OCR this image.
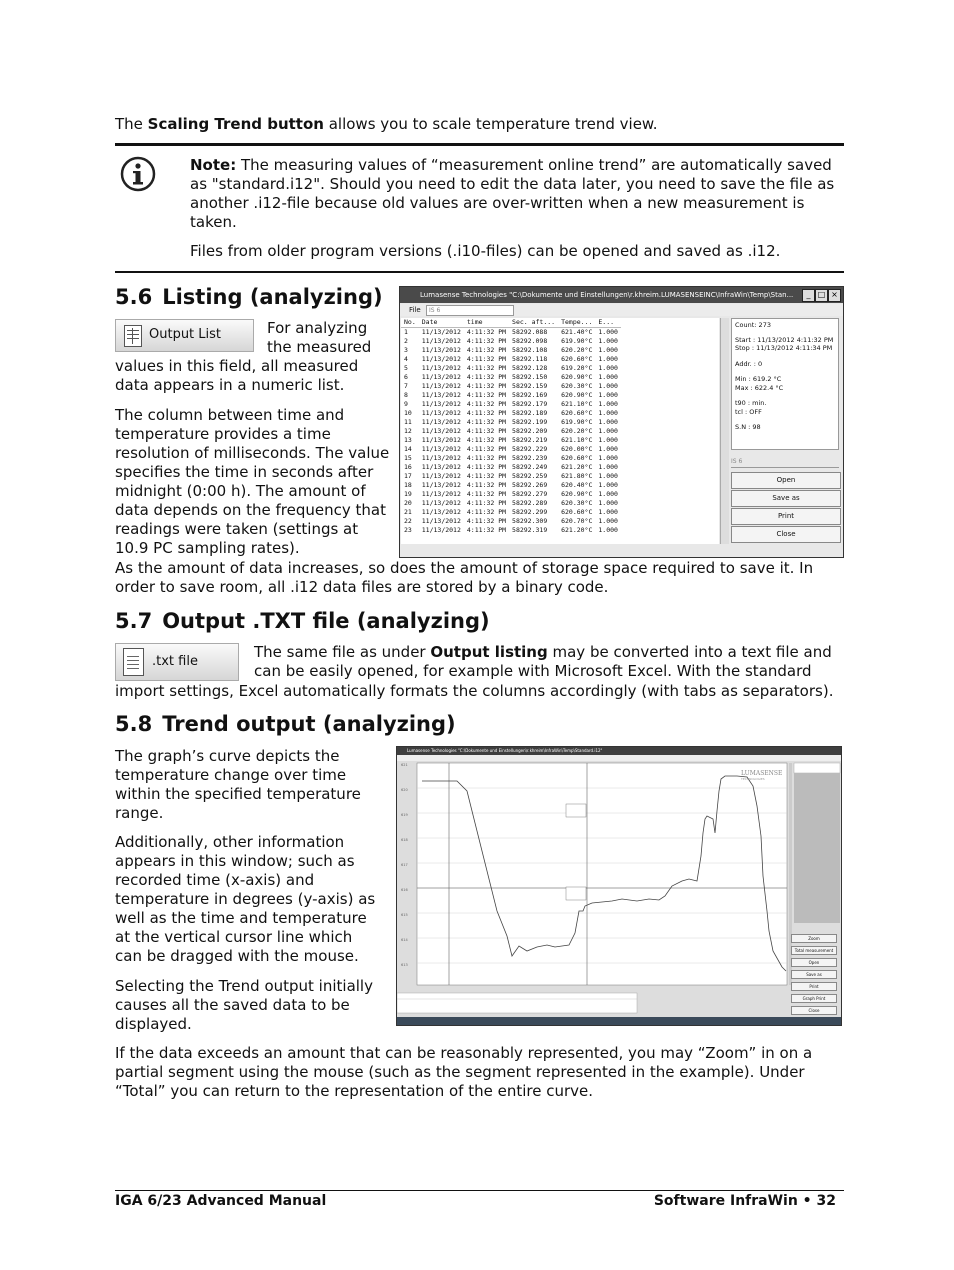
The Scaling Trend button allows you to scale temperature trend view.

Note: The measuring values of “measurement online trend” are automatically saved as "standard.i12". Should you need to edit the data later, you need to save the file as another .i12-file because old values are over-written when a new measurement is taken.

Files from older program versions (.i10-files) can be opened and saved as .i12.

5.6 Listing (analyzing)
Output List	For analyzing the measured

values in this field, all measured data appears in a numeric list.

The column between time and temperature provides a time resolution of milliseconds. The value specifies the time in seconds after midnight (0:00 h). The amount of data depends on the frequency that readings were taken (settings at 10.9 PC sampling rates).

As the amount of data increases, so does the amount of storage space required to save it. In order to save room, all .i12 data files are stored by a binary code.

Lumasense Technologies "C:\Dokumente und Einstellungen\r.khreim.LUMASENSEINC\InfraWin\Temp\Stan...	_ □ ×
File	IS 6
No.	Date	time	Sec. aft...	Tempe...	E...
1	11/13/2012	4:11:32 PM	58292.088	621.40°C	1.000
2	11/13/2012	4:11:32 PM	58292.098	619.90°C	1.000
3	11/13/2012	4:11:32 PM	58292.108	620.20°C	1.000
4	11/13/2012	4:11:32 PM	58292.118	620.60°C	1.000
5	11/13/2012	4:11:32 PM	58292.128	619.20°C	1.000
6	11/13/2012	4:11:32 PM	58292.150	620.90°C	1.000
7	11/13/2012	4:11:32 PM	58292.159	620.30°C	1.000
8	11/13/2012	4:11:32 PM	58292.169	620.90°C	1.000
9	11/13/2012	4:11:32 PM	58292.179	621.10°C	1.000
10	11/13/2012	4:11:32 PM	58292.189	620.60°C	1.000
11	11/13/2012	4:11:32 PM	58292.199	619.90°C	1.000
12	11/13/2012	4:11:32 PM	58292.209	620.20°C	1.000
13	11/13/2012	4:11:32 PM	58292.219	621.10°C	1.000
14	11/13/2012	4:11:32 PM	58292.229	620.00°C	1.000
15	11/13/2012	4:11:32 PM	58292.239	620.60°C	1.000
16	11/13/2012	4:11:32 PM	58292.249	621.20°C	1.000
17	11/13/2012	4:11:32 PM	58292.259	621.80°C	1.000
18	11/13/2012	4:11:32 PM	58292.269	620.40°C	1.000
19	11/13/2012	4:11:32 PM	58292.279	620.90°C	1.000
20	11/13/2012	4:11:32 PM	58292.289	620.30°C	1.000
21	11/13/2012	4:11:32 PM	58292.299	620.60°C	1.000
22	11/13/2012	4:11:32 PM	58292.309	620.70°C	1.000
23	11/13/2012	4:11:32 PM	58292.319	621.20°C	1.000
Count: 273
Start : 11/13/2012 4:11:32 PM
Stop : 11/13/2012 4:11:34 PM
Addr. : 0
Min : 619.2 °C
Max : 622.4 °C
t90 : min.
tcl : OFF
S.N : 98
IS 6
Open
Save as
Print
Close
5.7 Output .TXT file (analyzing)
.txt file

The same file as under Output listing may be converted into a text file and can be easily opened, for example with Microsoft Excel. With the standard

import settings, Excel automatically formats the columns accordingly (with tabs as separators).

5.8 Trend output (analyzing)

The graph’s curve depicts the temperature change over time within the specified temperature range.

Additionally, other information appears in this window; such as recorded time (x-axis) and temperature in degrees (y-axis) as well as the time and temperature at the vertical cursor line which can be dragged with the mouse.

Selecting the Trend output initially causes all the saved data to be displayed.

If the data exceeds an amount that can be reasonably represented, you may “Zoom” in on a partial segment using the mouse (such as the segment represented in the example). Under “Total” you can return to the representation of the entire curve.

Lumasense Technologies "C:\Dokumente und Einstellungen\r.khreim\InfraWin\Temp\Standard.i12"
621
620
619
618
617
616
615
614
613
LUMASENSE
TECHNOLOGIES
Zoom
Total measurement
Open
Save as
Print
Graph Print
Close
IGA 6/23 Advanced Manual	Software InfraWin • 32
